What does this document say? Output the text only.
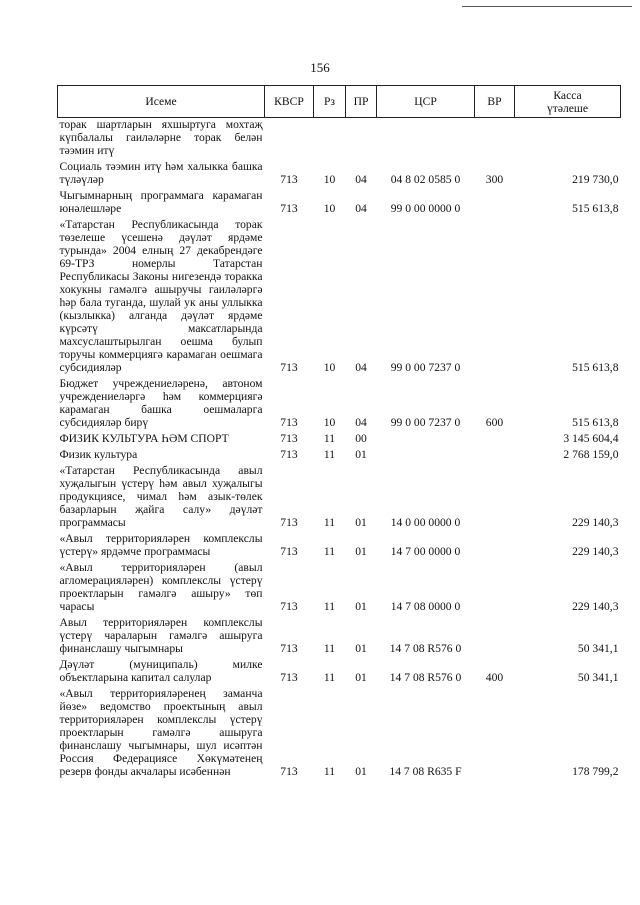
156
Исеме	КВСР	Рз	ПР	ЦСР	ВР	Касса
үтәлеше
торак шартларын яхшыртуга мохтаҗ күпбалалы гаиләләрне торак белән тәэмин итү						
Социаль тәэмин итү һәм халыкка башка түләүләр	713	10	04	04 8 02 0585 0	300	219 730,0
Чыгымнарның программага карамаган юнәлешләре	713	10	04	99 0 00 0000 0		515 613,8
«Татарстан Республикасында торак төзелеше үсешенә дәүләт ярдәме турында» 2004 елның 27 декабрендәге 69-ТРЗ номерлы Татарстан Республикасы Законы нигезендә торакка хокукны гамәлгә ашыручы гаиләләргә һәр бала туганда, шулай ук аны уллыкка (кызлыкка) алганда дәүләт ярдәме күрсәтү максатларында махсуслаштырылган оешма булып торучы коммерциягә карамаган оешмага субсидияләр	713	10	04	99 0 00 7237 0		515 613,8
Бюджет учреждениеләренә, автоном учреждениеләргә һәм коммерциягә карамаган башка оешмаларга субсидияләр бирү	713	10	04	99 0 00 7237 0	600	515 613,8
ФИЗИК КУЛЬТУРА ҺӘМ СПОРТ	713	11	00			3 145 604,4
Физик культура	713	11	01			2 768 159,0
«Татарстан Республикасында авыл хуҗалыгын үстерү һәм авыл хуҗалыгы продукциясе, чимал һәм азык-төлек базарларын җайга салу» дәүләт программасы	713	11	01	14 0 00 0000 0		229 140,3
«Авыл территорияләрен комплекслы үстерү» ярдәмче программасы	713	11	01	14 7 00 0000 0		229 140,3
«Авыл территорияләрен (авыл агломерацияләрен) комплекслы үстерү проектларын гамәлгә ашыру» төп чарасы	713	11	01	14 7 08 0000 0		229 140,3
Авыл территорияләрен комплекслы үстерү чараларын гамәлгә ашыруга финанслашу чыгымнары	713	11	01	14 7 08 R576 0		50 341,1
Дәүләт (муниципаль) милке объектларына капитал салулар	713	11	01	14 7 08 R576 0	400	50 341,1
«Авыл территорияләренең заманча йөзе» ведомство проектының авыл территорияләрен комплекслы үстерү проектларын гамәлгә ашыруга финанслашу чыгымнары, шул исәптән Россия Федерациясе Хөкүмәтенең резерв фонды акчалары исәбеннән	713	11	01	14 7 08 R635 F		178 799,2
